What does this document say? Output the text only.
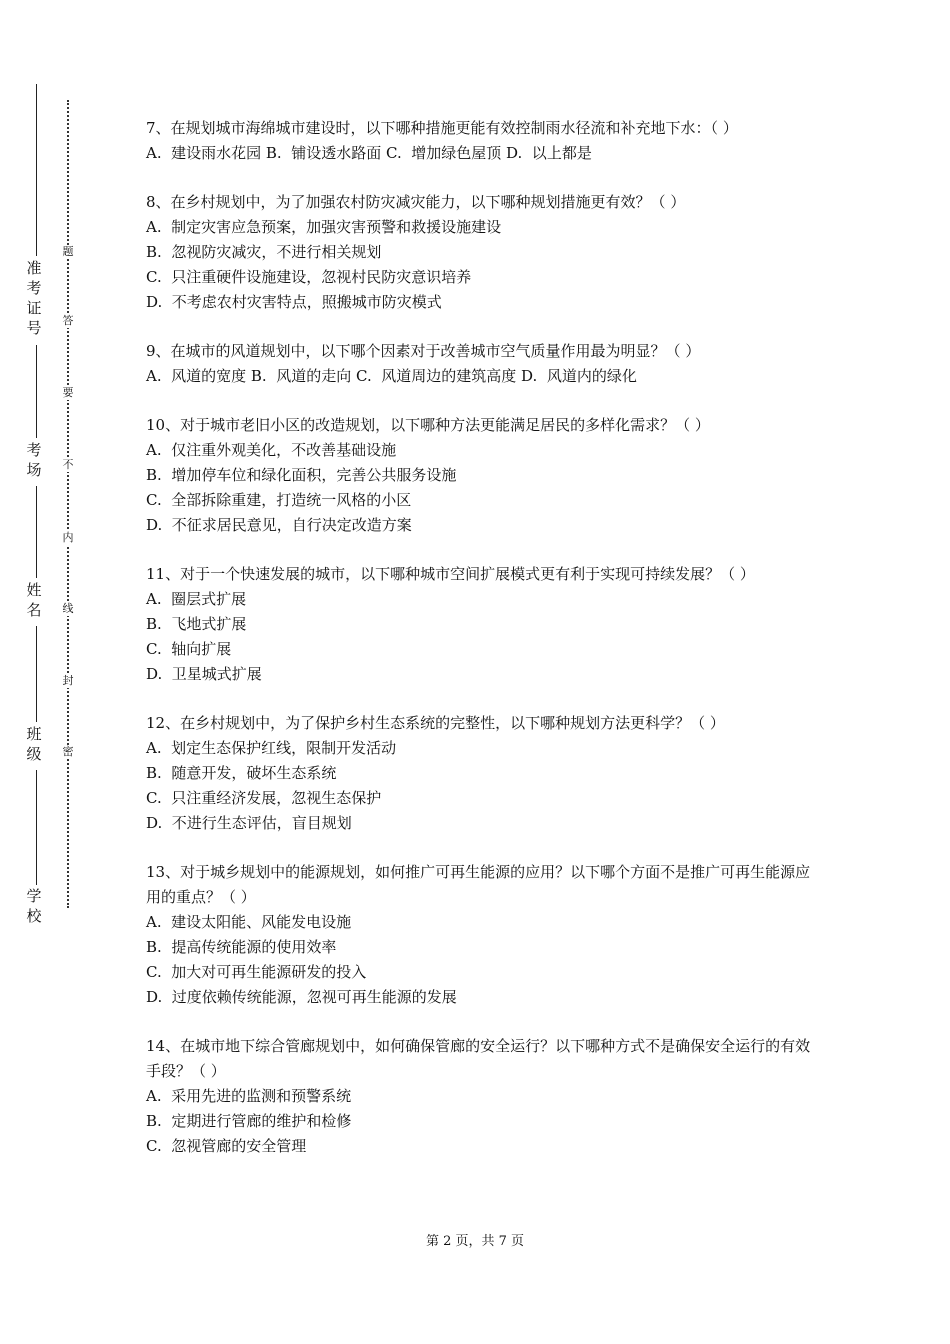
准考证号
考场
姓名
班级
学校
题
答
要
不
内
线
封
密

7、在规划城市海绵城市建设时，以下哪种措施更能有效控制雨水径流和补充地下水：（ ）

A.  建设雨水花园 B.  铺设透水路面 C.  增加绿色屋顶 D.  以上都是

8、在乡村规划中，为了加强农村防灾减灾能力，以下哪种规划措施更有效？（ ）

A.  制定灾害应急预案，加强灾害预警和救援设施建设

B.  忽视防灾减灾，不进行相关规划

C.  只注重硬件设施建设，忽视村民防灾意识培养

D.  不考虑农村灾害特点，照搬城市防灾模式

9、在城市的风道规划中，以下哪个因素对于改善城市空气质量作用最为明显？（ ）

A.  风道的宽度 B.  风道的走向 C.  风道周边的建筑高度 D.  风道内的绿化

10、对于城市老旧小区的改造规划，以下哪种方法更能满足居民的多样化需求？（ ）

A.  仅注重外观美化，不改善基础设施

B.  增加停车位和绿化面积，完善公共服务设施

C.  全部拆除重建，打造统一风格的小区

D.  不征求居民意见，自行决定改造方案

11、对于一个快速发展的城市，以下哪种城市空间扩展模式更有利于实现可持续发展？（ ）

A.  圈层式扩展

B.  飞地式扩展

C.  轴向扩展

D.  卫星城式扩展

12、在乡村规划中，为了保护乡村生态系统的完整性，以下哪种规划方法更科学？（ ）

A.  划定生态保护红线，限制开发活动

B.  随意开发，破坏生态系统

C.  只注重经济发展，忽视生态保护

D.  不进行生态评估，盲目规划

13、对于城乡规划中的能源规划，如何推广可再生能源的应用？以下哪个方面不是推广可再生能源应用的重点？（ ）

A.  建设太阳能、风能发电设施

B.  提高传统能源的使用效率

C.  加大对可再生能源研发的投入

D.  过度依赖传统能源，忽视可再生能源的发展

14、在城市地下综合管廊规划中，如何确保管廊的安全运行？以下哪种方式不是确保安全运行的有效手段？（ ）

A.  采用先进的监测和预警系统

B.  定期进行管廊的维护和检修

C.  忽视管廊的安全管理

第 2 页，共 7 页
